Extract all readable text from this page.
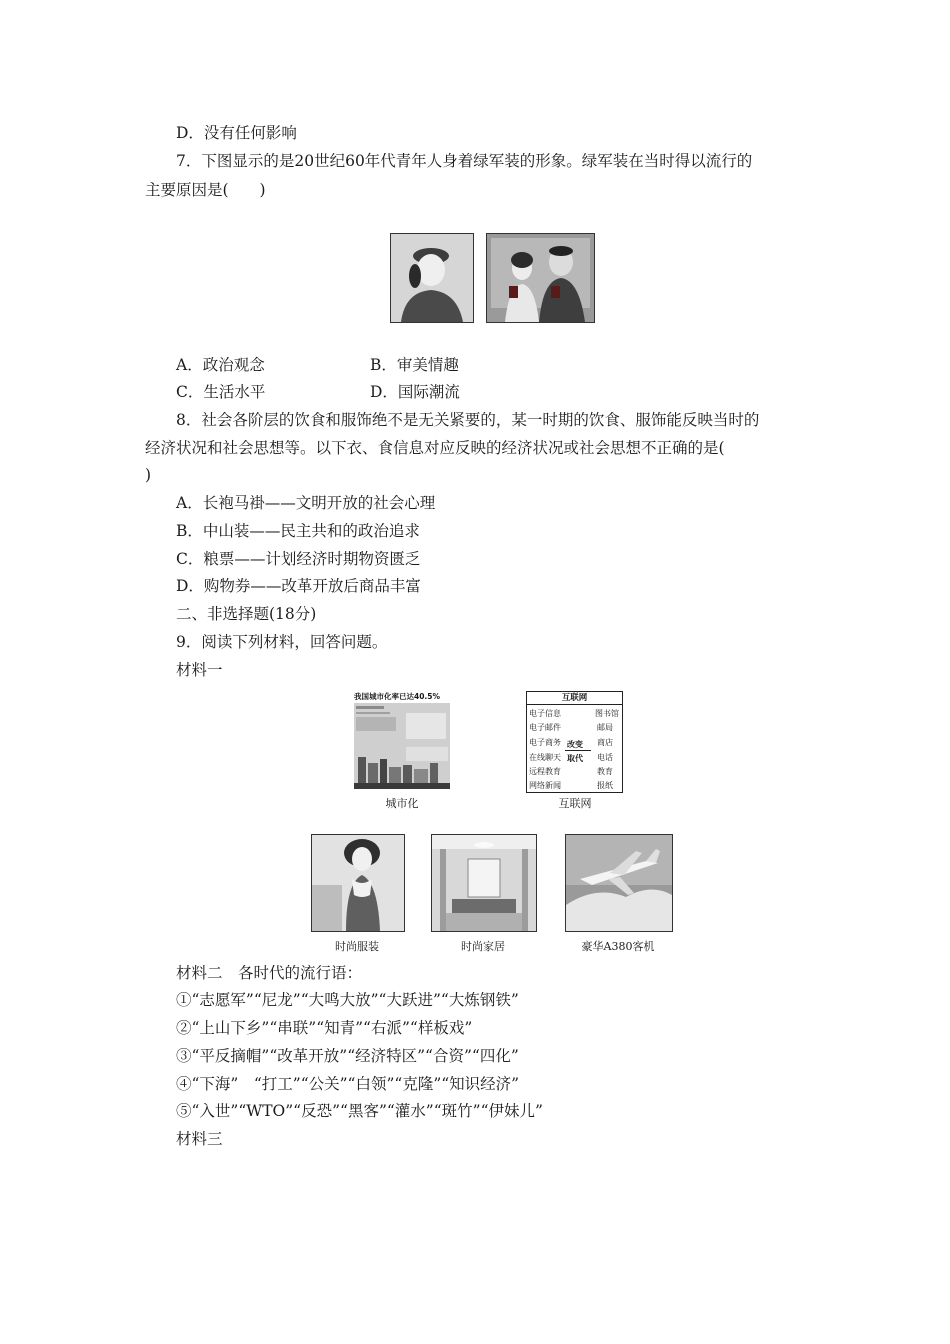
D．没有任何影响
7．下图显示的是20世纪60年代青年人身着绿军装的形象。绿军装在当时得以流行的
主要原因是(　　)
A．政治观念	B．审美情趣
C．生活水平	D．国际潮流
8．社会各阶层的饮食和服饰绝不是无关紧要的，某一时期的饮食、服饰能反映当时的
经济状况和社会思想等。以下衣、食信息对应反映的经济状况或社会思想不正确的是(
)
A．长袍马褂——文明开放的社会心理
B．中山装——民主共和的政治追求
C．粮票——计划经济时期物资匮乏
D．购物券——改革开放后商品丰富
二、非选择题(18分)
9．阅读下列材料，回答问题。
材料一
我国城市化率已达40.5%
城市化
互联网
电子信息
电子邮件
电子商务
在线聊天
远程教育
网络新闻
图书馆
邮局
商店
电话
教育
报纸
改变
取代
互联网
时尚服装	时尚家居	豪华A380客机
材料二　各时代的流行语：
①“志愿军”“尼龙”“大鸣大放”“大跃进”“大炼钢铁”
②“上山下乡”“串联”“知青”“右派”“样板戏”
③“平反摘帽”“改革开放”“经济特区”“合资”“四化”
④“下海”　“打工”“公关”“白领”“克隆”“知识经济”
⑤“入世”“WTO”“反恐”“黑客”“灌水”“斑竹”“伊妹儿”
材料三
